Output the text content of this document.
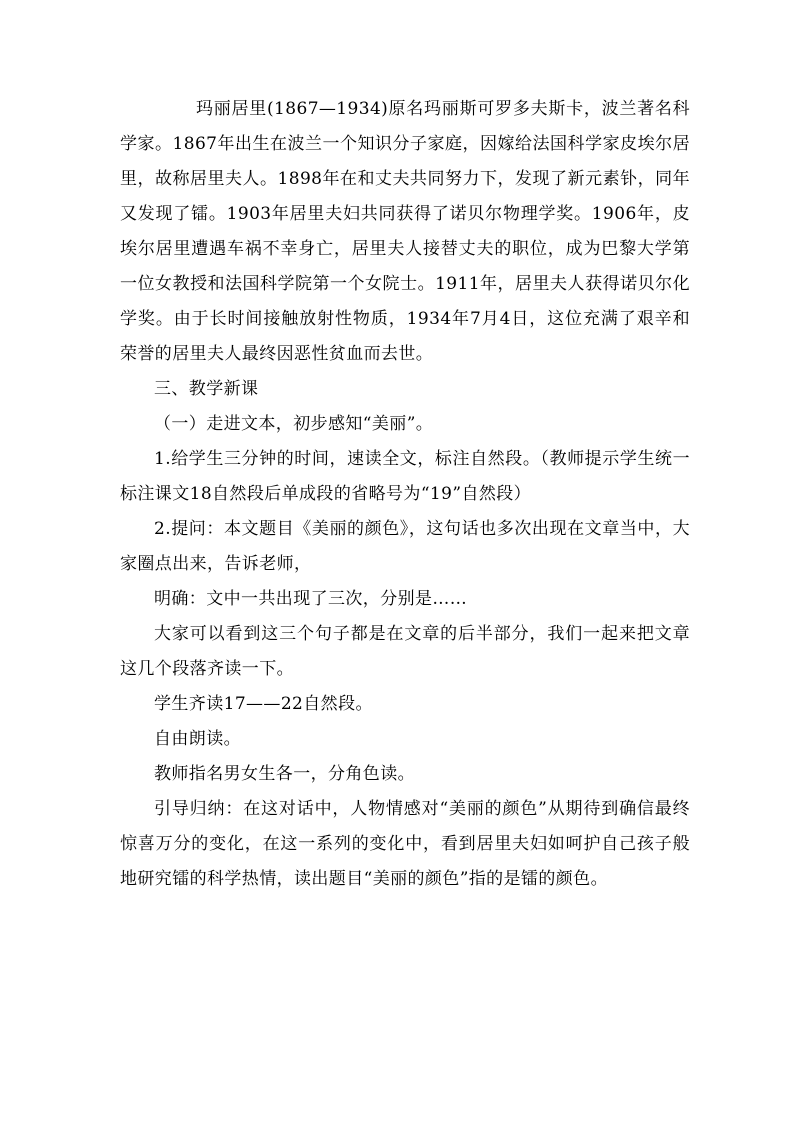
玛丽居里(1867—1934)原名玛丽斯可罗多夫斯卡，波兰著名科学家。1867年出生在波兰一个知识分子家庭，因嫁给法国科学家皮埃尔居里，故称居里夫人。1898年在和丈夫共同努力下，发现了新元素钋，同年又发现了镭。1903年居里夫妇共同获得了诺贝尔物理学奖。1906年，皮埃尔居里遭遇车祸不幸身亡，居里夫人接替丈夫的职位，成为巴黎大学第一位女教授和法国科学院第一个女院士。1911年，居里夫人获得诺贝尔化学奖。由于长时间接触放射性物质，1934年7月4日，这位充满了艰辛和荣誉的居里夫人最终因恶性贫血而去世。

三、教学新课

（一）走进文本，初步感知“美丽”。

1.给学生三分钟的时间，速读全文，标注自然段。（教师提示学生统一标注课文18自然段后单成段的省略号为“19”自然段）

2.提问：本文题目《美丽的颜色》，这句话也多次出现在文章当中，大家圈点出来，告诉老师，

明确：文中一共出现了三次，分别是……

大家可以看到这三个句子都是在文章的后半部分，我们一起来把文章这几个段落齐读一下。

学生齐读17——22自然段。

自由朗读。

教师指名男女生各一，分角色读。

引导归纳：在这对话中，人物情感对“美丽的颜色”从期待到确信最终惊喜万分的变化，在这一系列的变化中，看到居里夫妇如呵护自己孩子般地研究镭的科学热情，读出题目“美丽的颜色”指的是镭的颜色。
